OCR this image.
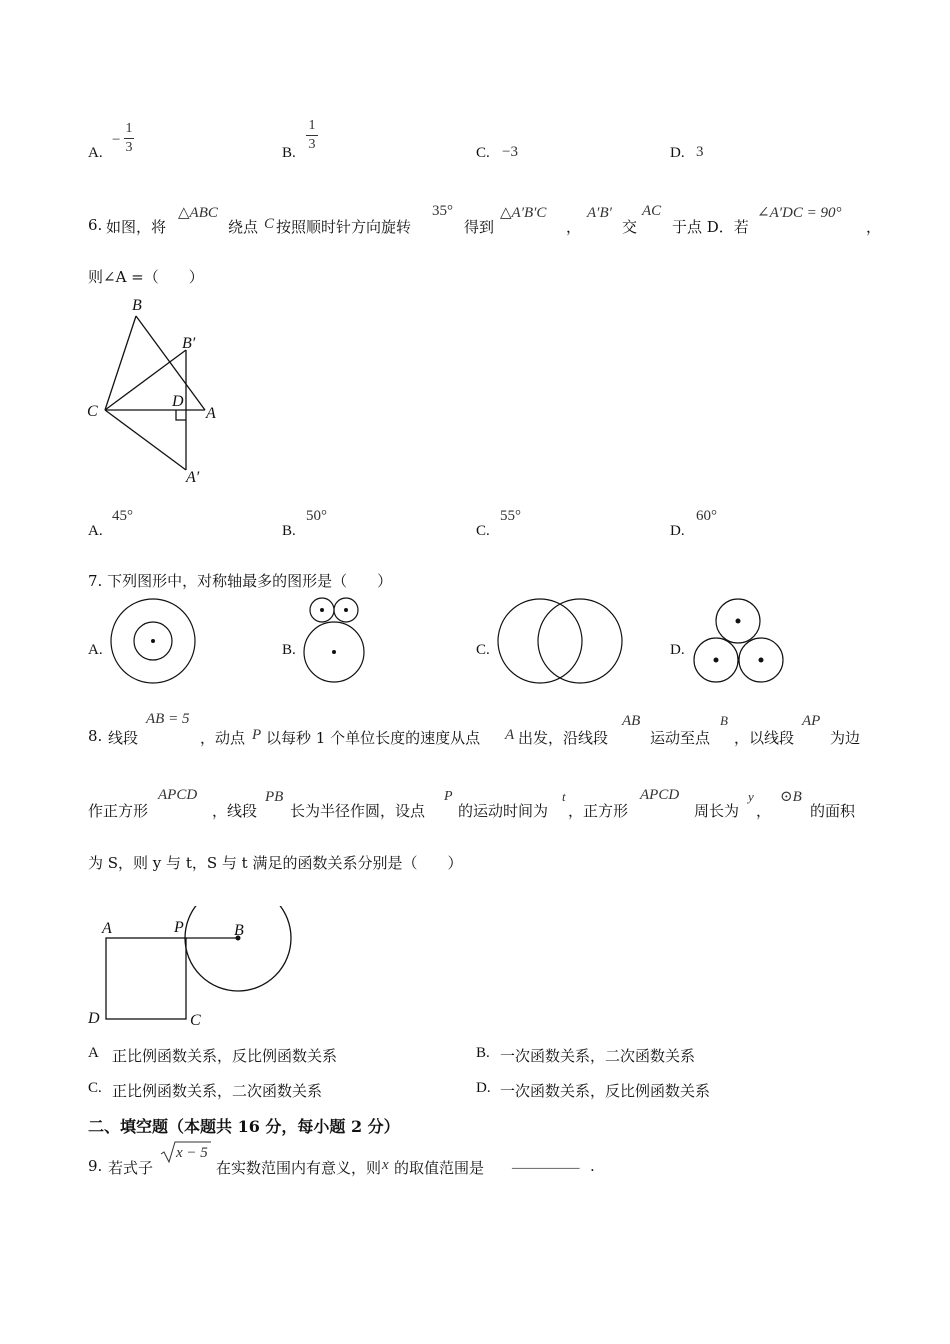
A.
−
1
3	B.
1
3
C. −3	D. 3
6. 如图，将
△ABC
绕点 C 按照顺时针方向旋转
35°
得到
△A′B′C
，
A′B′
交
AC
于点 D．若
∠A′DC = 90°
，
则∠A =（　　）
B
B′
C
D
A
A′
A.
45°
B.
50°
C.
55°
D.
60°
7. 下列图形中，对称轴最多的图形是（　　）
A.	B.	C.	D.
8. 线段
AB = 5
，动点 P 以每秒 1 个单位长度的速度从点 A 出发，沿线段
AB
运动至点
B
，以线段
AP
为边
作正方形
APCD
，线段
PB
长为半径作圆，设点
P
的运动时间为
t
，正方形
APCD
周长为
y
，
⊙B
的面积
为 S，则 y 与 t，S 与 t 满足的函数关系分别是（　　）
A	P	B
D	C
A 正比例函数关系，反比例函数关系	B. 一次函数关系，二次函数关系
C. 正比例函数关系，二次函数关系	D. 一次函数关系，反比例函数关系
二、填空题（本题共 16 分，每小题 2 分）
9. 若式子
x − 5
在实数范围内有意义，则 x 的取值范围是 _________ .
